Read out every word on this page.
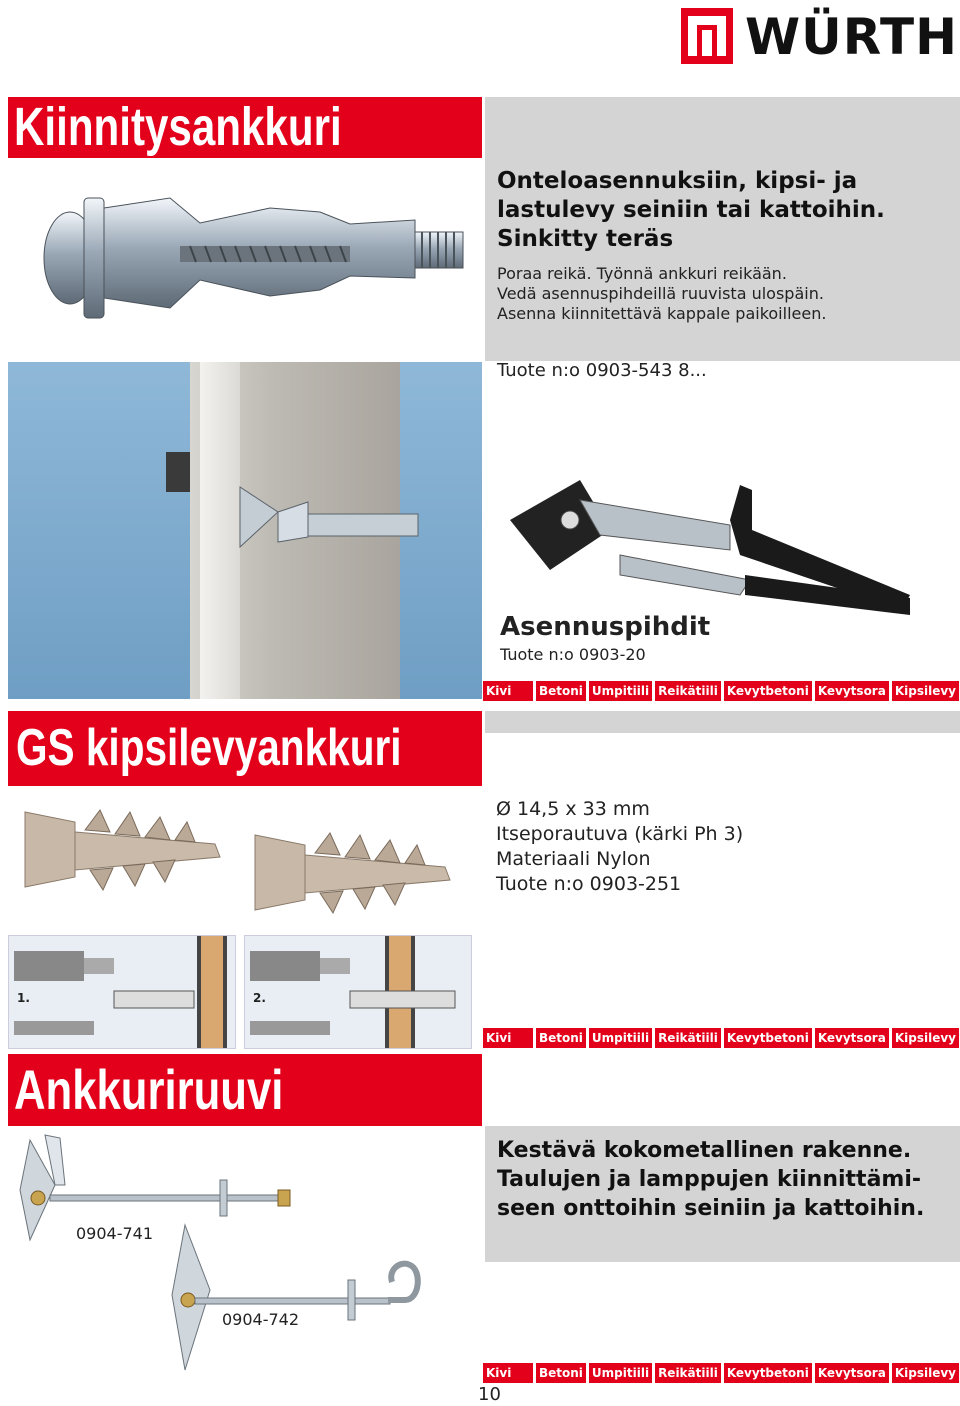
WÜRTH
Kiinnitysankkuri
Onteloasennuksiin, kipsi- ja
lastulevy seiniin tai kattoihin.
Sinkitty teräs
Poraa reikä. Työnnä ankkuri reikään.
Vedä asennuspihdeillä ruuvista ulospäin.
Asenna kiinnitettävä kappale paikoilleen.
Tuote n:o 0903-543 8...
Asennuspihdit
Tuote n:o 0903-20
Kivi	Betoni Umpitiili Reikätiili Kevytbetoni Kevytsora Kipsilevy
GS kipsilevyankkuri
Ø 14,5 x 33 mm
Itseporautuva (kärki Ph 3)
Materiaali Nylon
Tuote n:o 0903-251
1.	2.
Kivi	Betoni Umpitiili Reikätiili Kevytbetoni Kevytsora Kipsilevy
Ankkuriruuvi
Kestävä kokometallinen rakenne.
Taulujen ja lamppujen kiinnittämi-
seen onttoihin seiniin ja kattoihin.
0904-741
0904-742
Kivi	Betoni Umpitiili Reikätiili Kevytbetoni Kevytsora Kipsilevy
10
